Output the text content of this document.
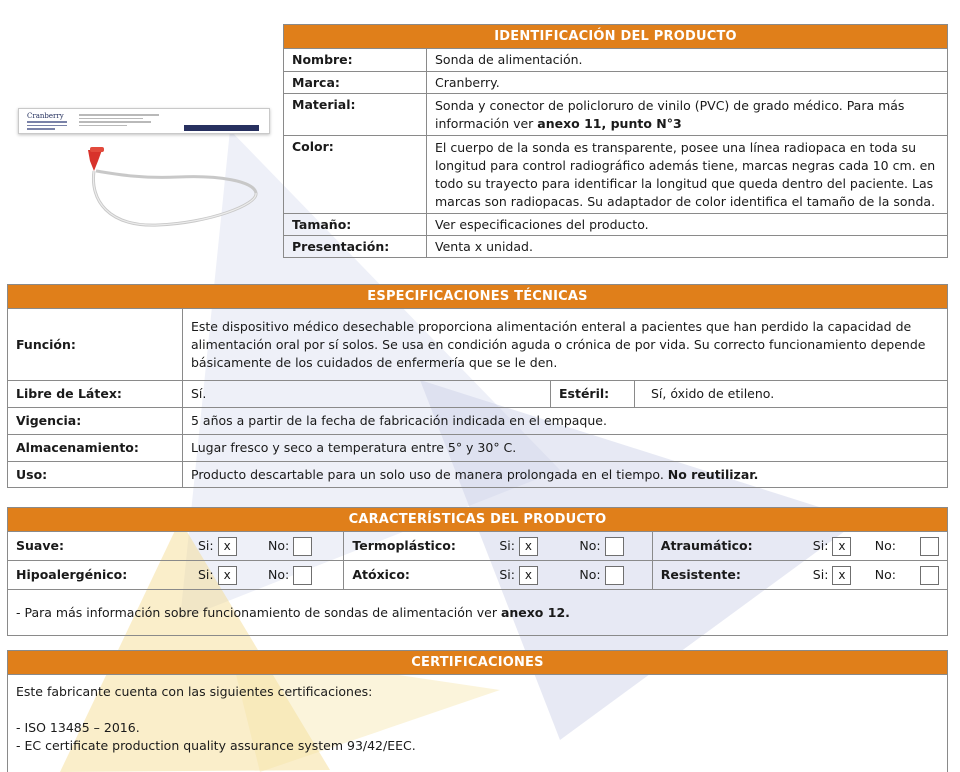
Cranberry
IDENTIFICACIÓN DEL PRODUCTO	
Nombre:	Sonda de alimentación.
Marca:	Cranberry.
Material:	Sonda y conector de policloruro de vinilo (PVC) de grado médico. Para más información ver anexo 11, punto N°3
Color:	El cuerpo de la sonda es transparente, posee una línea radiopaca en toda su longitud para control radiográfico además tiene, marcas negras cada 10 cm. en todo su trayecto para identificar la longitud que queda dentro del paciente. Las marcas son radiopacas. Su adaptador de color identifica el tamaño de la sonda.
Tamaño:	Ver especificaciones del producto.
Presentación:	Venta x unidad.
ESPECIFICACIONES TÉCNICAS			
Función:	Este dispositivo médico desechable proporciona alimentación enteral a pacientes que han perdido la capacidad de alimentación oral por sí solos. Se usa en condición aguda o crónica de por vida. Su correcto funcionamiento depende básicamente de los cuidados de enfermería que se le den.		
Libre de Látex:	Sí.	Estéril:	Sí, óxido de etileno.
Vigencia:	5 años a partir de la fecha de fabricación indicada en el empaque.		
Almacenamiento:	Lugar fresco y seco a temperatura entre 5° y 30° C.		
Uso:	Producto descartable para un solo uso de manera prolongada en el tiempo. No reutilizar.		
CARACTERÍSTICAS DEL PRODUCTO		

Suave: Si: x No:	Termoplástico: Si: x No:	Atraumático: Si: x No:

Hipoalergénico: Si: x No:	Atóxico: Si: x No:	Resistente: Si: x No:

- Para más información sobre funcionamiento de sondas de alimentación ver anexo 12.		
CERTIFICACIONES

Este fabricante cuenta con las siguientes certificaciones:
- ISO 13485 – 2016.
- EC certificate production quality assurance system 93/42/EEC.
